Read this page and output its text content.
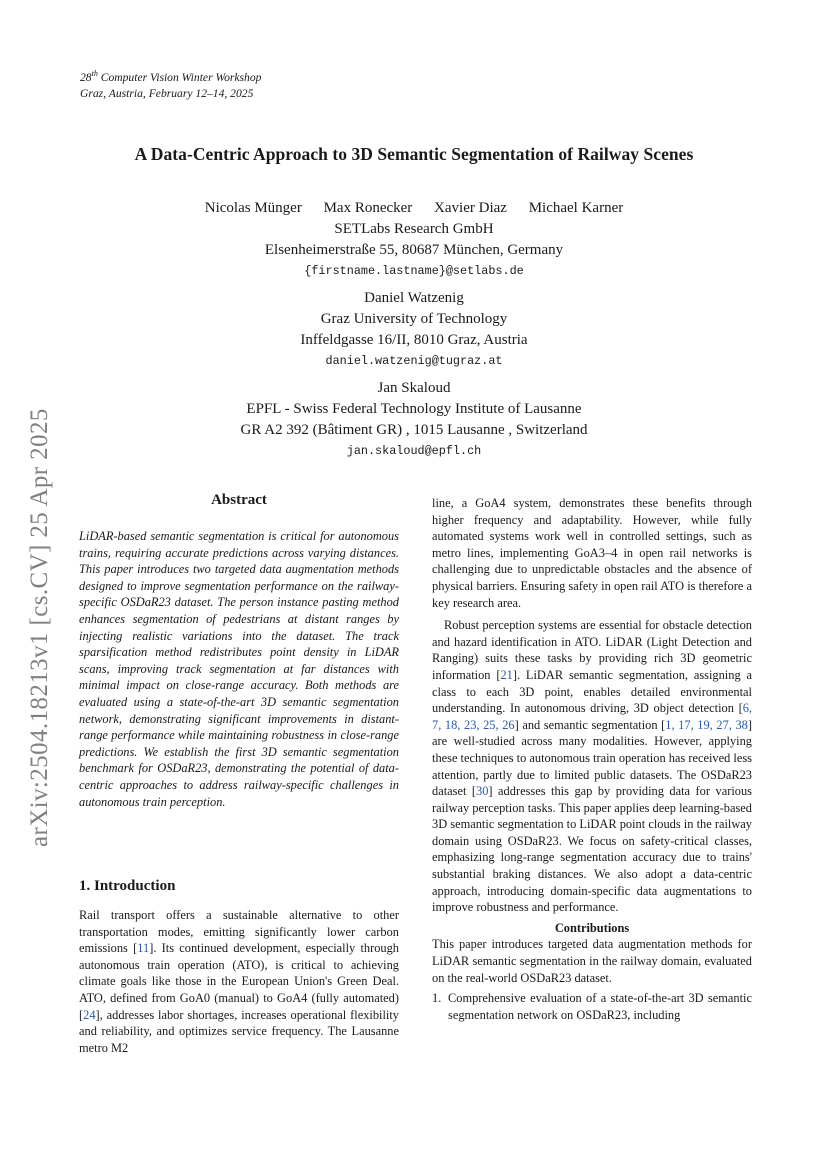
28th Computer Vision Winter Workshop
Graz, Austria, February 12–14, 2025
A Data-Centric Approach to 3D Semantic Segmentation of Railway Scenes
Nicolas Münger Max Ronecker Xavier Diaz Michael Karner
SETLabs Research GmbH
Elsenheimerstraße 55, 80687 München, Germany
{firstname.lastname}@setlabs.de
Daniel Watzenig
Graz University of Technology
Inffeldgasse 16/II, 8010 Graz, Austria
daniel.watzenig@tugraz.at
Jan Skaloud
EPFL - Swiss Federal Technology Institute of Lausanne
GR A2 392 (Bâtiment GR) , 1015 Lausanne , Switzerland
jan.skaloud@epfl.ch
arXiv:2504.18213v1 [cs.CV] 25 Apr 2025	Abstract
LiDAR-based semantic segmentation is critical for autonomous trains, requiring accurate predictions across varying distances. This paper introduces two targeted data augmentation methods designed to improve segmentation performance on the railway-specific OSDaR23 dataset. The person instance pasting method enhances segmentation of pedestrians at distant ranges by injecting realistic variations into the dataset. The track sparsification method redistributes point density in LiDAR scans, improving track segmentation at far distances with minimal impact on close-range accuracy. Both methods are evaluated using a state-of-the-art 3D semantic segmentation network, demonstrating significant improvements in distant-range performance while maintaining robustness in close-range predictions. We establish the first 3D semantic segmentation benchmark for OSDaR23, demonstrating the potential of data-centric approaches to address railway-specific challenges in autonomous train perception.
1. Introduction
Rail transport offers a sustainable alternative to other transportation modes, emitting significantly lower carbon emissions [11]. Its continued development, especially through autonomous train operation (ATO), is critical to achieving climate goals like those in the European Union's Green Deal. ATO, defined from GoA0 (manual) to GoA4 (fully automated) [24], addresses labor shortages, increases operational flexibility and reliability, and optimizes service frequency. The Lausanne metro M2

line, a GoA4 system, demonstrates these benefits through higher frequency and adaptability. However, while fully automated systems work well in controlled settings, such as metro lines, implementing GoA3–4 in open rail networks is challenging due to unpredictable obstacles and the absence of physical barriers. Ensuring safety in open rail ATO is therefore a key research area.

Robust perception systems are essential for obstacle detection and hazard identification in ATO. LiDAR (Light Detection and Ranging) suits these tasks by providing rich 3D geometric information [21]. LiDAR semantic segmentation, assigning a class to each 3D point, enables detailed environmental understanding. In autonomous driving, 3D object detection [6, 7, 18, 23, 25, 26] and semantic segmentation [1, 17, 19, 27, 38] are well-studied across many modalities. However, applying these techniques to autonomous train operation has received less attention, partly due to limited public datasets. The OSDaR23 dataset [30] addresses this gap by providing data for various railway perception tasks. This paper applies deep learning-based 3D semantic segmentation to LiDAR point clouds in the railway domain using OSDaR23. We focus on safety-critical classes, emphasizing long-range segmentation accuracy due to trains' substantial braking distances. We also adopt a data-centric approach, introducing domain-specific data augmentations to improve robustness and performance.

Contributions

This paper introduces targeted data augmentation methods for LiDAR semantic segmentation in the railway domain, evaluated on the real-world OSDaR23 dataset.

1. Comprehensive evaluation of a state-of-the-art 3D semantic segmentation network on OSDaR23, including
